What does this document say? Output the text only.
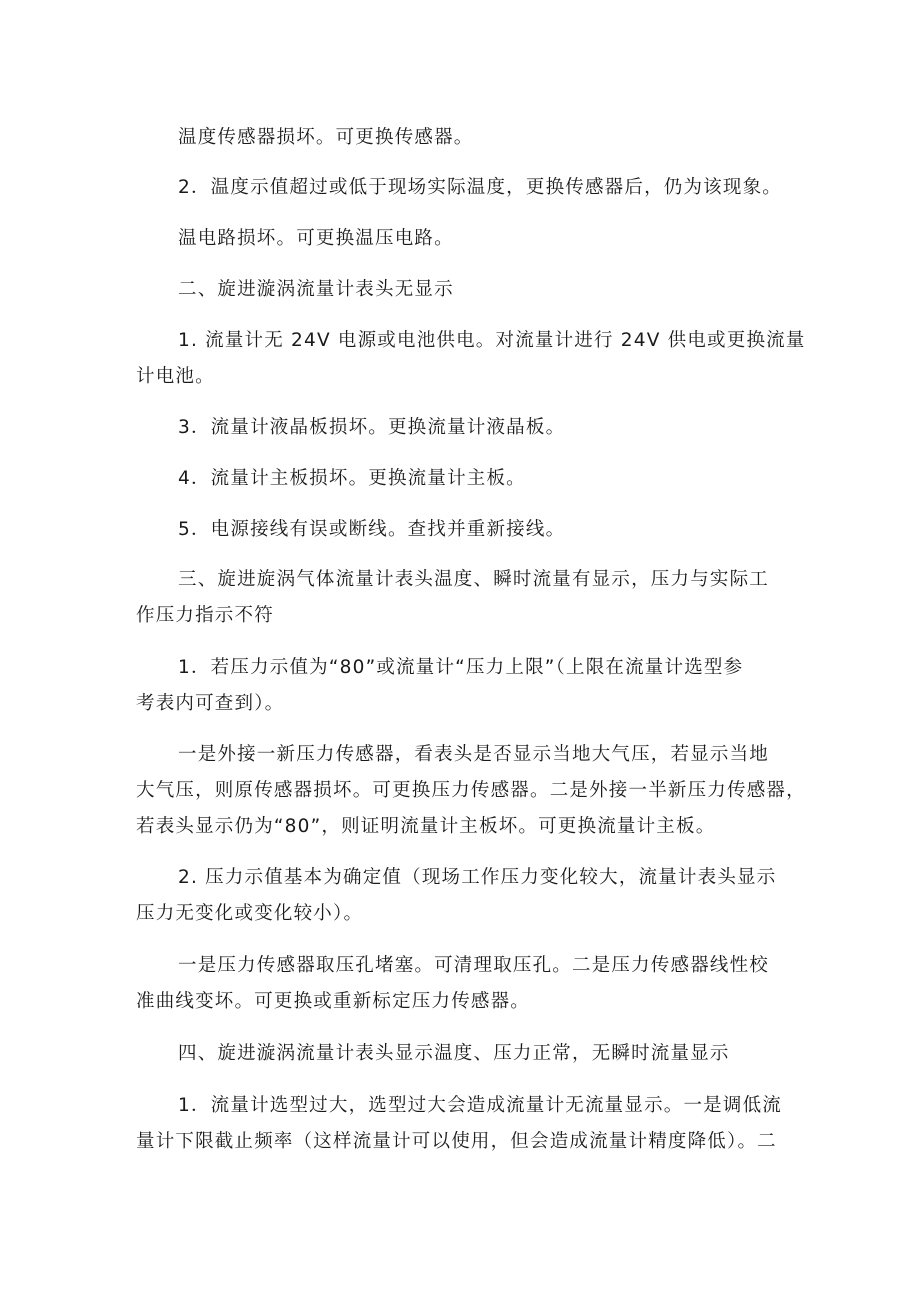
温度传感器损坏。可更换传感器。
2．温度示值超过或低于现场实际温度，更换传感器后，仍为该现象。
温电路损坏。可更换温压电路。
二、旋进漩涡流量计表头无显示
1. 流量计无 24V 电源或电池供电。对流量计进行 24V 供电或更换流量
计电池。
3．流量计液晶板损坏。更换流量计液晶板。
4．流量计主板损坏。更换流量计主板。
5．电源接线有误或断线。查找并重新接线。
三、旋进旋涡气体流量计表头温度、瞬时流量有显示，压力与实际工
作压力指示不符
1．若压力示值为“80”或流量计“压力上限”（上限在流量计选型参
考表内可查到）。
一是外接一新压力传感器，看表头是否显示当地大气压，若显示当地
大气压，则原传感器损坏。可更换压力传感器。二是外接一半新压力传感器，
若表头显示仍为“80”，则证明流量计主板坏。可更换流量计主板。
2. 压力示值基本为确定值（现场工作压力变化较大，流量计表头显示
压力无变化或变化较小）。
一是压力传感器取压孔堵塞。可清理取压孔。二是压力传感器线性校
准曲线变坏。可更换或重新标定压力传感器。
四、旋进漩涡流量计表头显示温度、压力正常，无瞬时流量显示
1．流量计选型过大，选型过大会造成流量计无流量显示。一是调低流
量计下限截止频率（这样流量计可以使用，但会造成流量计精度降低）。二
